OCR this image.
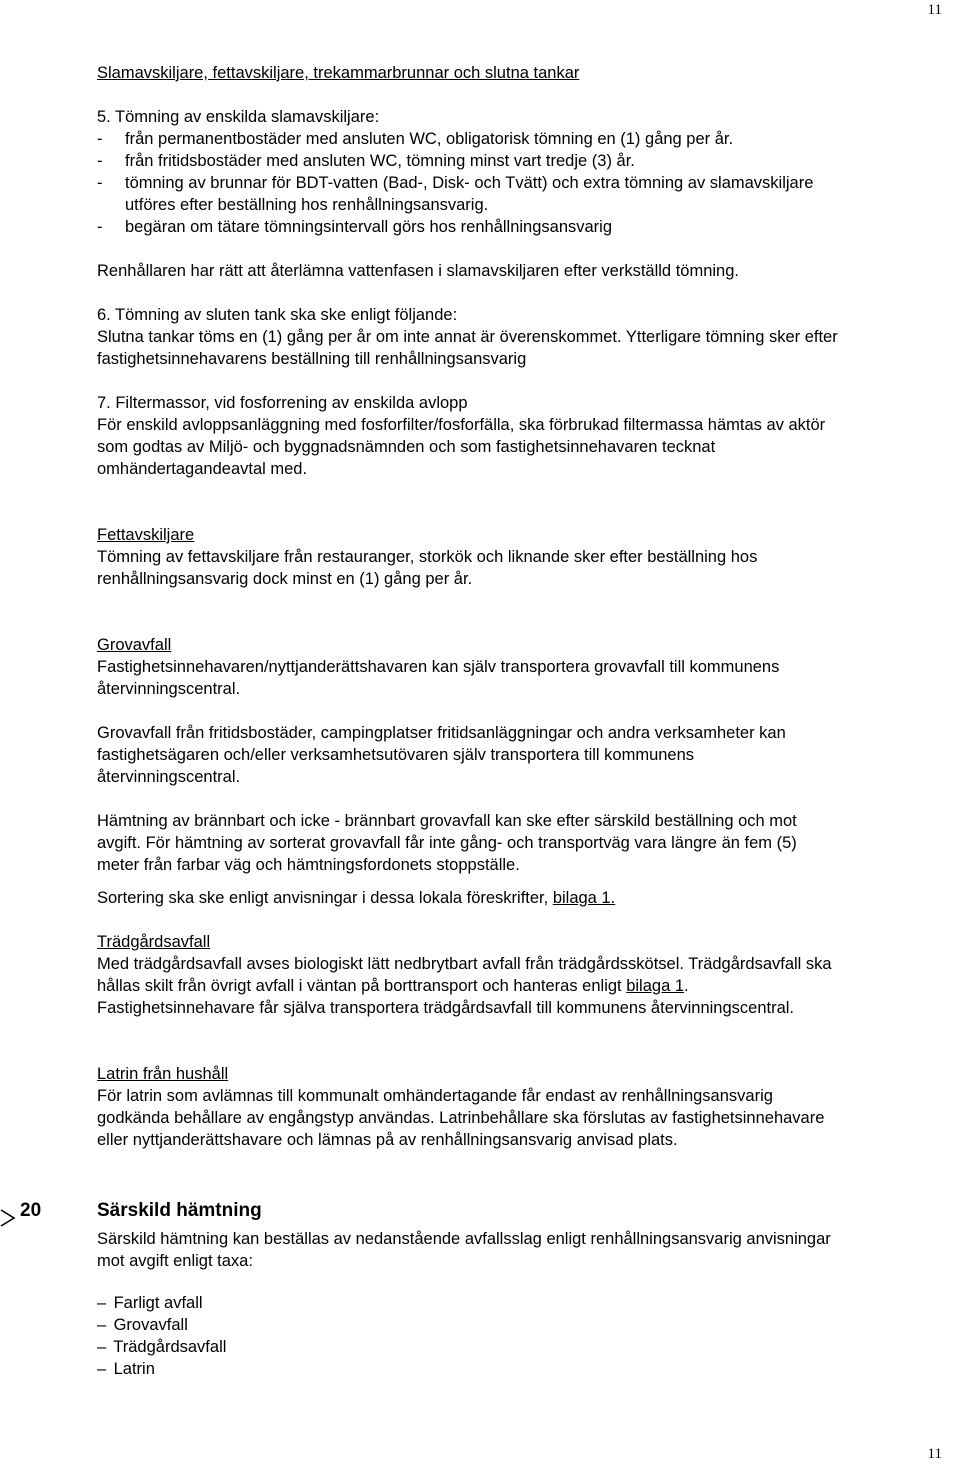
11
Slamavskiljare, fettavskiljare, trekammarbrunnar och slutna tankar
5. Tömning av enskilda slamavskiljare:
- från permanentbostäder med ansluten WC, obligatorisk tömning en (1) gång per år.
- från fritidsbostäder med ansluten WC, tömning minst vart tredje (3) år.
- tömning av brunnar för BDT-vatten (Bad-, Disk- och Tvätt) och extra tömning av slamavskiljare
utföres efter beställning hos renhållningsansvarig.
- begäran om tätare tömningsintervall görs hos renhållningsansvarig
Renhållaren har rätt att återlämna vattenfasen i slamavskiljaren efter verkställd tömning.
6. Tömning av sluten tank ska ske enligt följande:
Slutna tankar töms en (1) gång per år om inte annat är överenskommet. Ytterligare tömning sker efter
fastighetsinnehavarens beställning till renhållningsansvarig
7. Filtermassor, vid fosforrening av enskilda avlopp
För enskild avloppsanläggning med fosforfilter/fosforfälla, ska förbrukad filtermassa hämtas av aktör
som godtas av Miljö- och byggnadsnämnden och som fastighetsinnehavaren tecknat
omhändertagandeavtal med.
Fettavskiljare
Tömning av fettavskiljare från restauranger, storkök och liknande sker efter beställning hos
renhållningsansvarig dock minst en (1) gång per år.
Grovavfall
Fastighetsinnehavaren/nyttjanderättshavaren kan själv transportera grovavfall till kommunens
återvinningscentral.
Grovavfall från fritidsbostäder, campingplatser fritidsanläggningar och andra verksamheter kan
fastighetsägaren och/eller verksamhetsutövaren själv transportera till kommunens
återvinningscentral.
Hämtning av brännbart och icke - brännbart grovavfall kan ske efter särskild beställning och mot
avgift. För hämtning av sorterat grovavfall får inte gång- och transportväg vara längre än fem (5)
meter från farbar väg och hämtningsfordonets stoppställe.
Sortering ska ske enligt anvisningar i dessa lokala föreskrifter, bilaga 1.
Trädgårdsavfall
Med trädgårdsavfall avses biologiskt lätt nedbrytbart avfall från trädgårdsskötsel. Trädgårdsavfall ska
hållas skilt från övrigt avfall i väntan på borttransport och hanteras enligt bilaga 1.
Fastighetsinnehavare får själva transportera trädgårdsavfall till kommunens återvinningscentral.
Latrin från hushåll
För latrin som avlämnas till kommunalt omhändertagande får endast av renhållningsansvarig
godkända behållare av engångstyp användas. Latrinbehållare ska förslutas av fastighetsinnehavare
eller nyttjanderättshavare och lämnas på av renhållningsansvarig anvisad plats.
20	Särskild hämtning
Särskild hämtning kan beställas av nedanstående avfallsslag enligt renhållningsansvarig anvisningar
mot avgift enligt taxa:
– Farligt avfall
– Grovavfall
– Trädgårdsavfall
– Latrin
11
